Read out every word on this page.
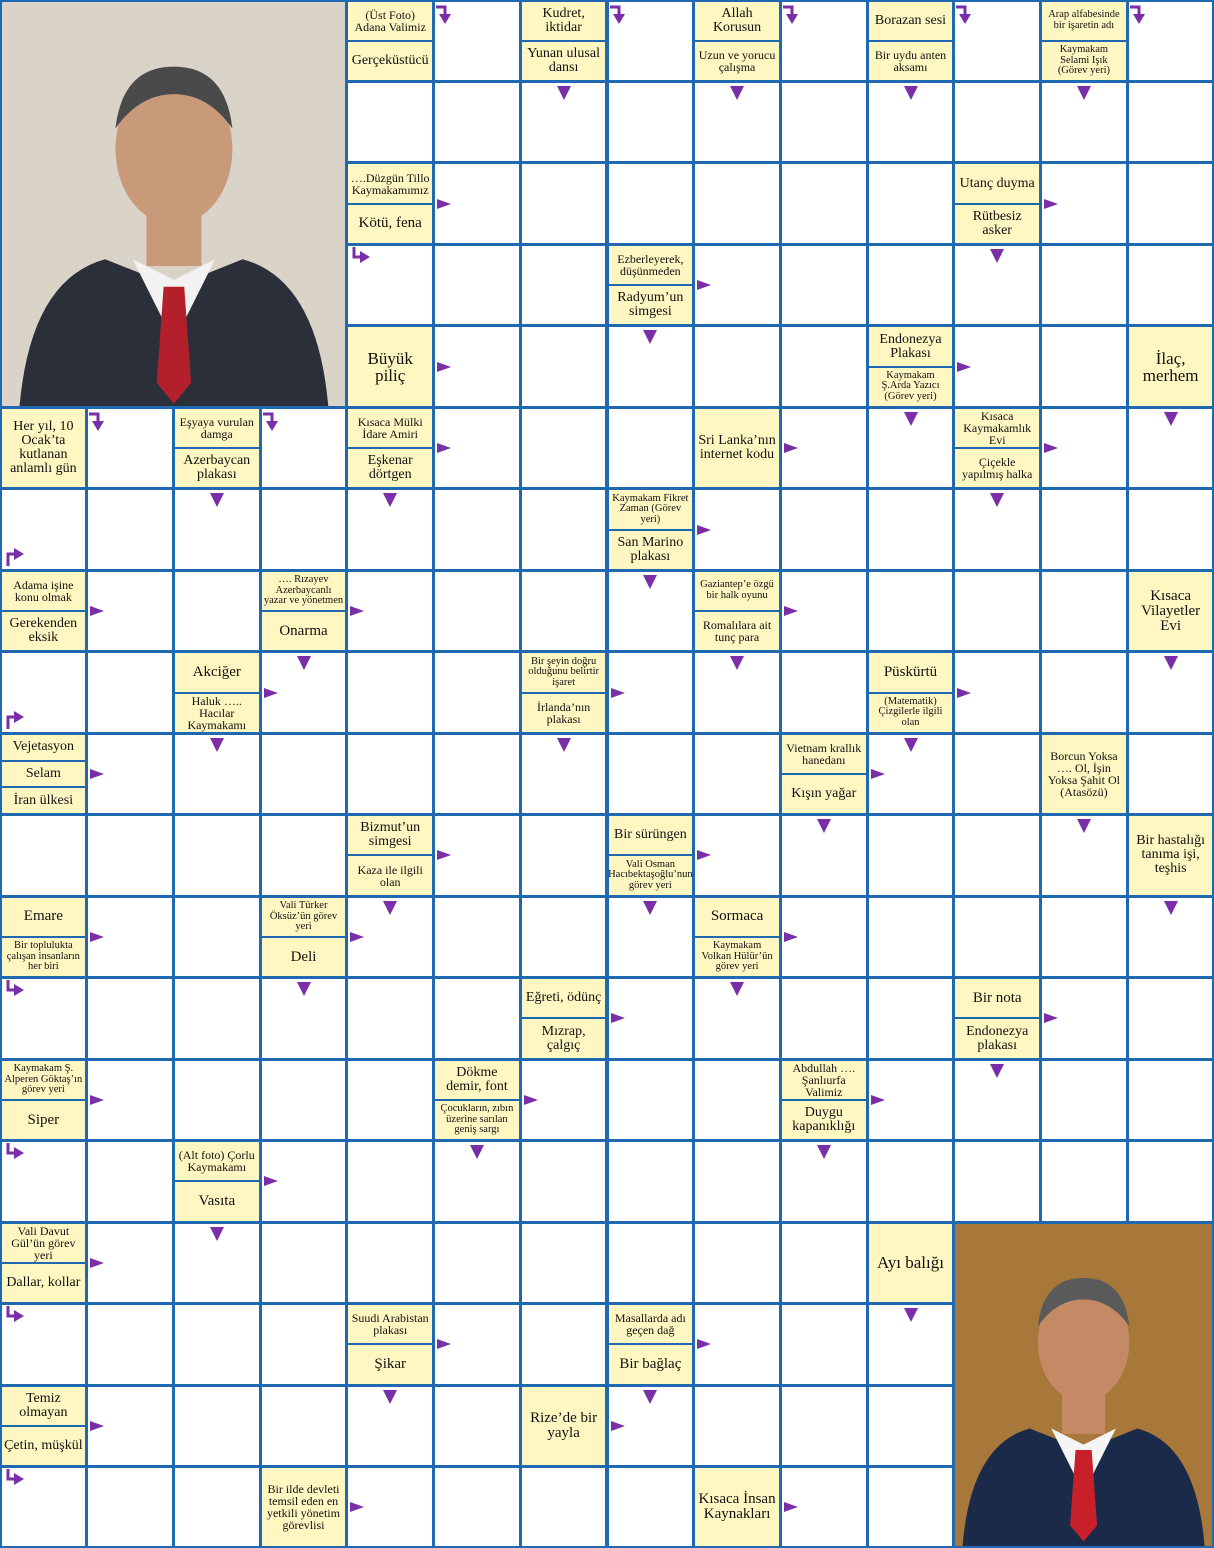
(Üst Foto) Adana Valimiz
Gerçeküstücü
Kudret, iktidar
Yunan ulusal dansı
Allah Korusun
Uzun ve yorucu çalışma
Borazan sesi
Bir uydu anten aksamı
Arap alfabesinde bir işaretin adı
Kaymakam Selami Işık (Görev yeri)
….Düzgün Tillo Kaymakamımız
Kötü, fena
Utanç duyma
Rütbesiz asker
Ezberleyerek, düşünmeden
Radyum’un simgesi
Büyük piliç
Endonezya Plakası
Kaymakam Ş.Arda Yazıcı (Görev yeri)
İlaç, merhem
Her yıl, 10 Ocak’ta kutlanan anlamlı gün
Eşyaya vurulan damga
Azerbaycan plakası
Kısaca Mülki İdare Amiri
Eşkenar dörtgen
Sri Lanka’nın internet kodu
Kısaca Kaymakamlık Evi
Çiçekle yapılmış halka
Kaymakam Fikret Zaman (Görev yeri)
San Marino plakası
Adama işine konu olmak
Gerekenden eksik
…. Rızayev Azerbaycanlı yazar ve yönetmen
Onarma
Gaziantep’e özgü bir halk oyunu
Romalılara ait tunç para
Kısaca Vilayetler Evi
Akciğer
Haluk ….. Hacılar Kaymakamı
Bir şeyin doğru olduğunu belirtir işaret
İrlanda’nın plakası
Püskürtü
(Matematik) Çizgilerle ilgili olan
Vejetasyon
Selam
İran ülkesi
Vietnam krallık hanedanı
Kışın yağar
Borcun Yoksa …. Ol, İşin Yoksa Şahit Ol (Atasözü)
Bizmut’un simgesi
Kaza ile ilgili olan
Bir sürüngen
Vali Osman Hacıbektaşoğlu’nun görev yeri
Bir hastalığı tanıma işi, teşhis
Emare
Bir toplulukta çalışan insanların her biri
Vali Türker Öksüz’ün görev yeri
Deli
Sormaca
Kaymakam Volkan Hülür’ün görev yeri
Eğreti, ödünç
Mızrap, çalgıç
Bir nota
Endonezya plakası
Kaymakam Ş. Alperen Göktaş’ın görev yeri
Siper
Dökme demir, font
Çocukların, zıbın üzerine sarılan geniş sargı
Abdullah …. Şanlıurfa Valimiz
Duygu kapanıklığı
(Alt foto) Çorlu Kaymakamı
Vasıta
Vali Davut Gül’ün görev yeri
Dallar, kollar
Ayı balığı
Suudi Arabistan plakası
Şikar
Masallarda adı geçen dağ
Bir bağlaç
Temiz olmayan
Çetin, müşkül
Rize’de bir yayla
Bir ilde devleti temsil eden en yetkili yönetim görevlisi
Kısaca İnsan Kaynakları
